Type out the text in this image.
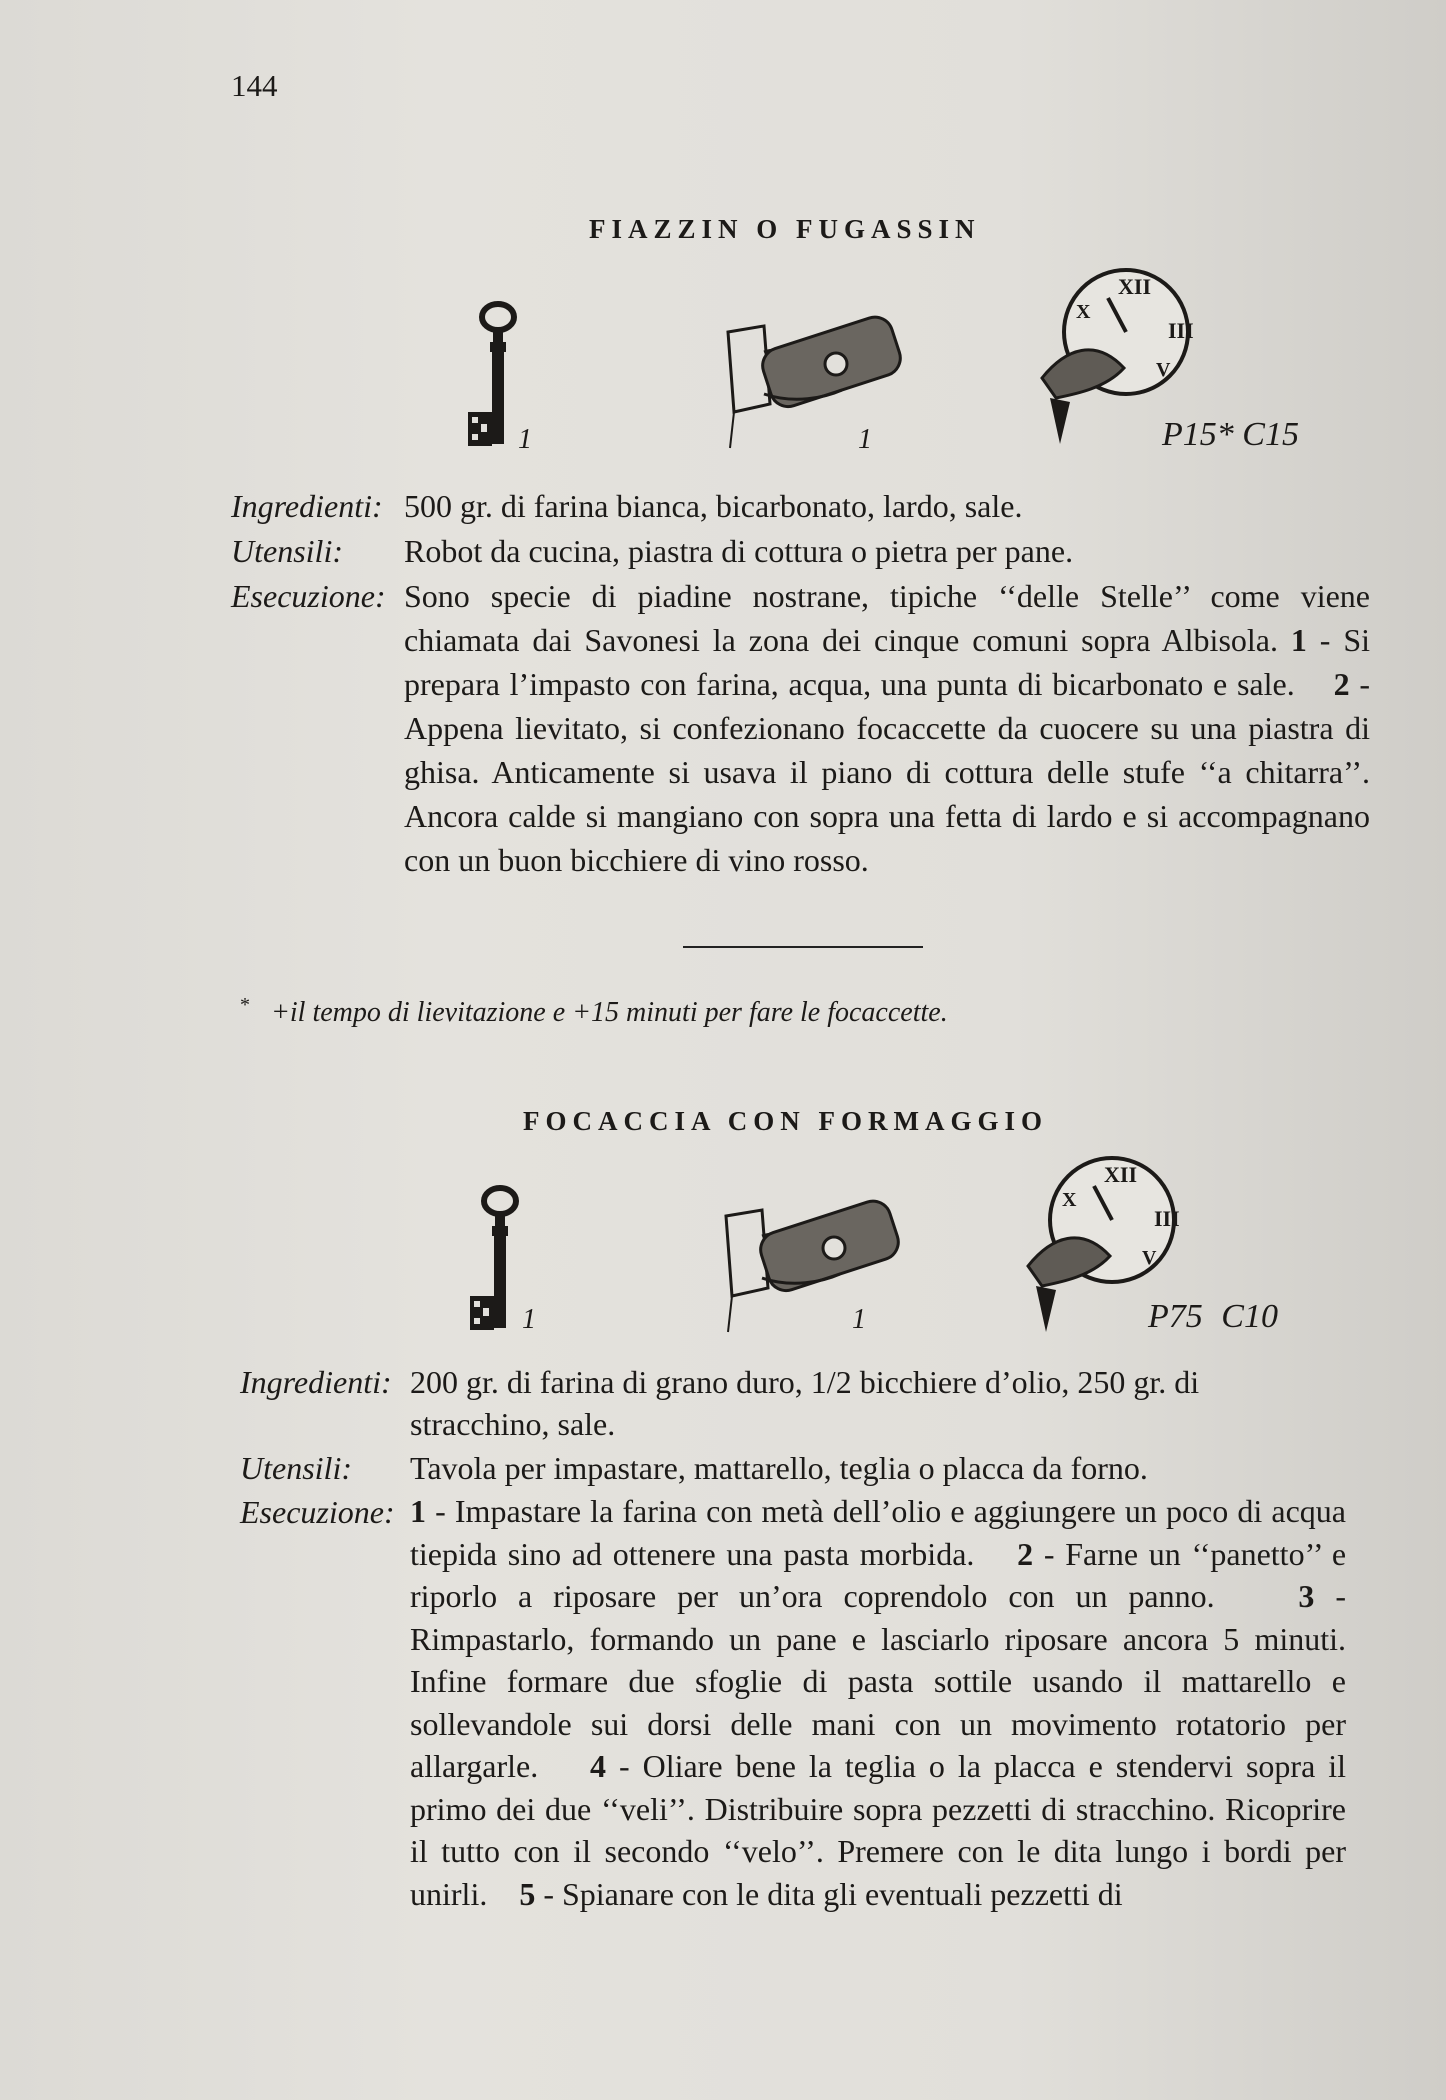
144
FIAZZIN O FUGASSIN
1	1
XII
III
X
V
P15* C15
Ingredienti: 500 gr. di farina bianca, bicarbonato, lardo, sale.
Utensili: Robot da cucina, piastra di cottura o pietra per pane.
Esecuzione: Sono specie di piadine nostrane, tipiche ‘‘delle Stelle’’ come viene chiamata dai Savonesi la zona dei cinque comuni sopra Albisola. 1 - Si prepara l’impasto con farina, acqua, una punta di bicarbonato e sale. 2 - Appena lievitato, si confezionano focaccette da cuocere su una piastra di ghisa. Anticamente si usava il piano di cottura delle stufe ‘‘a chitarra’’. Ancora calde si mangiano con sopra una fetta di lardo e si accompagnano con un buon bicchiere di vino rosso.
* +il tempo di lievitazione e +15 minuti per fare le focaccette.
FOCACCIA CON FORMAGGIO
1	1
XII
III
X
V
P75 C10
Ingredienti: 200 gr. di farina di grano duro, 1/2 bicchiere d’olio, 250 gr. di
stracchino, sale.
Utensili: Tavola per impastare, mattarello, teglia o placca da forno.
Esecuzione: 1 - Impastare la farina con metà dell’olio e aggiungere un poco di acqua tiepida sino ad ottenere una pasta morbida. 2 - Farne un ‘‘panetto’’ e riporlo a riposare per un’ora coprendolo con un panno.	3 - Rimpastarlo, formando un pane e lasciarlo riposare ancora 5 minuti. Infine formare due sfoglie di pasta sottile usando il mattarello e sollevandole sui dorsi delle mani con un movimento rotatorio per allargarle. 4 - Oliare bene la teglia o la placca e stendervi sopra il primo dei due ‘‘veli’’. Distribuire sopra pezzetti di stracchino. Ricoprire il tutto con il secondo ‘‘velo’’. Premere con le dita lungo i bordi per unirli. 5 - Spianare con le dita gli eventuali pezzetti di
